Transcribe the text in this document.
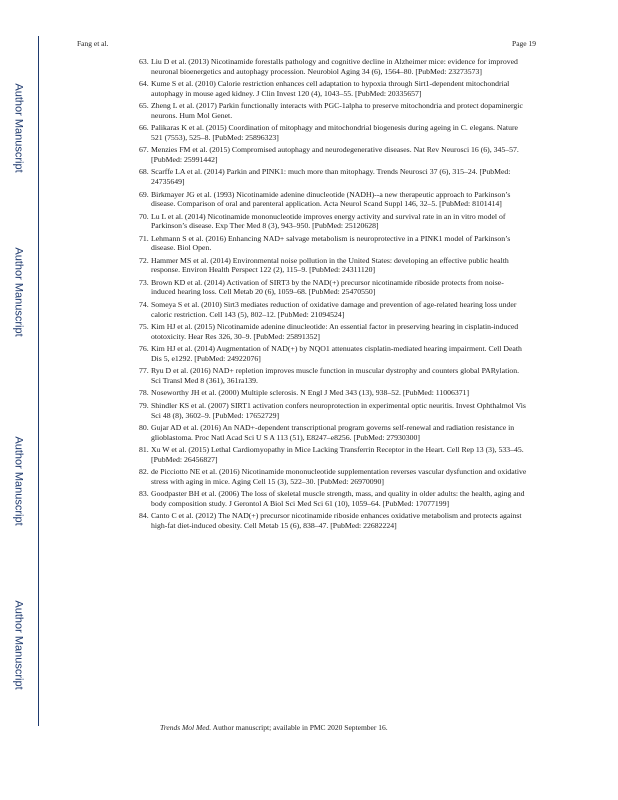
Fang et al.	Page 19
Author Manuscript
Author Manuscript
Author Manuscript
Author Manuscript
63. Liu D et al. (2013) Nicotinamide forestalls pathology and cognitive decline in Alzheimer mice: evidence for improved neuronal bioenergetics and autophagy procession. Neurobiol Aging 34 (6), 1564–80. [PubMed: 23273573]
64. Kume S et al. (2010) Calorie restriction enhances cell adaptation to hypoxia through Sirt1-dependent mitochondrial autophagy in mouse aged kidney. J Clin Invest 120 (4), 1043–55. [PubMed: 20335657]
65. Zheng L et al. (2017) Parkin functionally interacts with PGC-1alpha to preserve mitochondria and protect dopaminergic neurons. Hum Mol Genet.
66. Palikaras K et al. (2015) Coordination of mitophagy and mitochondrial biogenesis during ageing in C. elegans. Nature 521 (7553), 525–8. [PubMed: 25896323]
67. Menzies FM et al. (2015) Compromised autophagy and neurodegenerative diseases. Nat Rev Neurosci 16 (6), 345–57. [PubMed: 25991442]
68. Scarffe LA et al. (2014) Parkin and PINK1: much more than mitophagy. Trends Neurosci 37 (6), 315–24. [PubMed: 24735649]
69. Birkmayer JG et al. (1993) Nicotinamide adenine dinucleotide (NADH)--a new therapeutic approach to Parkinson’s disease. Comparison of oral and parenteral application. Acta Neurol Scand Suppl 146, 32–5. [PubMed: 8101414]
70. Lu L et al. (2014) Nicotinamide mononucleotide improves energy activity and survival rate in an in vitro model of Parkinson’s disease. Exp Ther Med 8 (3), 943–950. [PubMed: 25120628]
71. Lehmann S et al. (2016) Enhancing NAD+ salvage metabolism is neuroprotective in a PINK1 model of Parkinson’s disease. Biol Open.
72. Hammer MS et al. (2014) Environmental noise pollution in the United States: developing an effective public health response. Environ Health Perspect 122 (2), 115–9. [PubMed: 24311120]
73. Brown KD et al. (2014) Activation of SIRT3 by the NAD(+) precursor nicotinamide riboside protects from noise-induced hearing loss. Cell Metab 20 (6), 1059–68. [PubMed: 25470550]
74. Someya S et al. (2010) Sirt3 mediates reduction of oxidative damage and prevention of age-related hearing loss under caloric restriction. Cell 143 (5), 802–12. [PubMed: 21094524]
75. Kim HJ et al. (2015) Nicotinamide adenine dinucleotide: An essential factor in preserving hearing in cisplatin-induced ototoxicity. Hear Res 326, 30–9. [PubMed: 25891352]
76. Kim HJ et al. (2014) Augmentation of NAD(+) by NQO1 attenuates cisplatin-mediated hearing impairment. Cell Death Dis 5, e1292. [PubMed: 24922076]
77. Ryu D et al. (2016) NAD+ repletion improves muscle function in muscular dystrophy and counters global PARylation. Sci Transl Med 8 (361), 361ra139.
78. Noseworthy JH et al. (2000) Multiple sclerosis. N Engl J Med 343 (13), 938–52. [PubMed: 11006371]
79. Shindler KS et al. (2007) SIRT1 activation confers neuroprotection in experimental optic neuritis. Invest Ophthalmol Vis Sci 48 (8), 3602–9. [PubMed: 17652729]
80. Gujar AD et al. (2016) An NAD+-dependent transcriptional program governs self-renewal and radiation resistance in glioblastoma. Proc Natl Acad Sci U S A 113 (51), E8247–e8256. [PubMed: 27930300]
81. Xu W et al. (2015) Lethal Cardiomyopathy in Mice Lacking Transferrin Receptor in the Heart. Cell Rep 13 (3), 533–45. [PubMed: 26456827]
82. de Picciotto NE et al. (2016) Nicotinamide mononucleotide supplementation reverses vascular dysfunction and oxidative stress with aging in mice. Aging Cell 15 (3), 522–30. [PubMed: 26970090]
83. Goodpaster BH et al. (2006) The loss of skeletal muscle strength, mass, and quality in older adults: the health, aging and body composition study. J Gerontol A Biol Sci Med Sci 61 (10), 1059–64. [PubMed: 17077199]
84. Canto C et al. (2012) The NAD(+) precursor nicotinamide riboside enhances oxidative metabolism and protects against high-fat diet-induced obesity. Cell Metab 15 (6), 838–47. [PubMed: 22682224]
Trends Mol Med. Author manuscript; available in PMC 2020 September 16.
